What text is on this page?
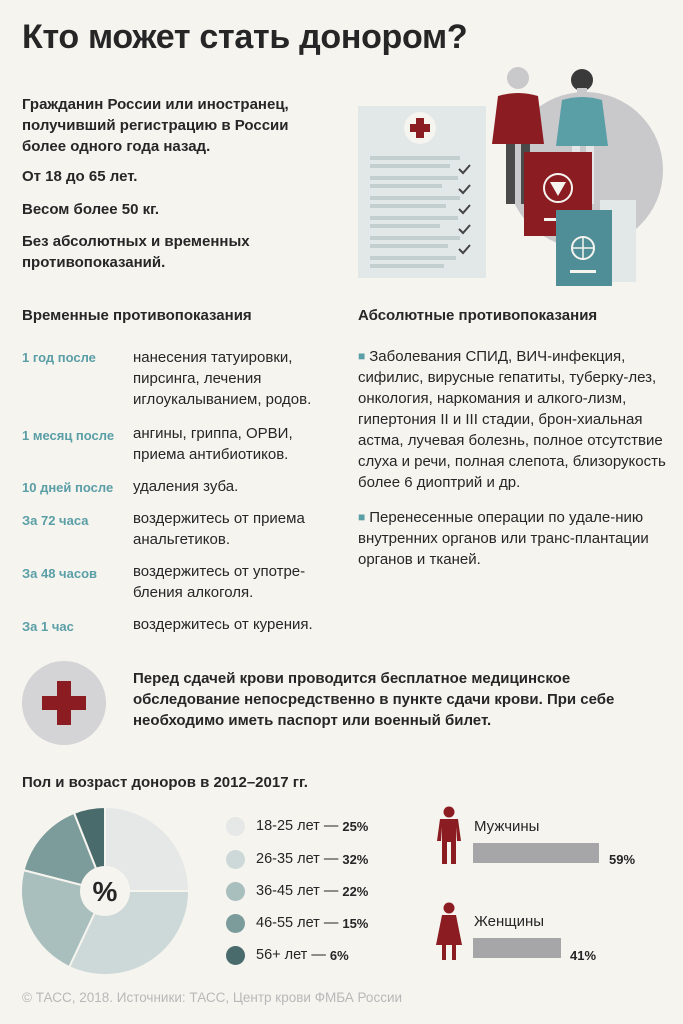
Кто может стать донором?
Гражданин России или иностранец, получивший регистрацию в России более одного года назад.
От 18 до 65 лет.
Весом более 50 кг.
Без абсолютных и временных противопоказаний.
Временные противопоказания
1 год после	нанесения татуировки, пирсинга, лечения иглоукалыванием, родов.
1 месяц после	ангины, гриппа, ОРВИ, приема антибиотиков.
10 дней после	удаления зуба.
За 72 часа	воздержитесь от приема анальгетиков.
За 48 часов	воздержитесь от употре-бления алкоголя.
За 1 час	воздержитесь от курения.
Абсолютные противопоказания

■ Заболевания СПИД, ВИЧ-инфекция, сифилис, вирусные гепатиты, туберку-лез, онкология, наркомания и алкого-лизм, гипертония II и III стадии, брон-хиальная астма, лучевая болезнь, полное отсутствие слуха и речи, полная слепота, близорукость более 6 диоптрий и др.

■ Перенесенные операции по удале-нию внутренних органов или транс-плантации органов и тканей.

Перед сдачей крови проводится бесплатное медицинское обследование непосредственно в пункте сдачи крови. При себе необходимо иметь паспорт или военный билет.
Пол и возраст доноров в 2012–2017 гг.
%
18-25 лет — 25%
26-35 лет — 32%
36-45 лет — 22%
46-55 лет — 15%
56+ лет — 6%
Мужчины
59%
Женщины
41%
© ТАСС, 2018. Источники: ТАСС, Центр крови ФМБА России
